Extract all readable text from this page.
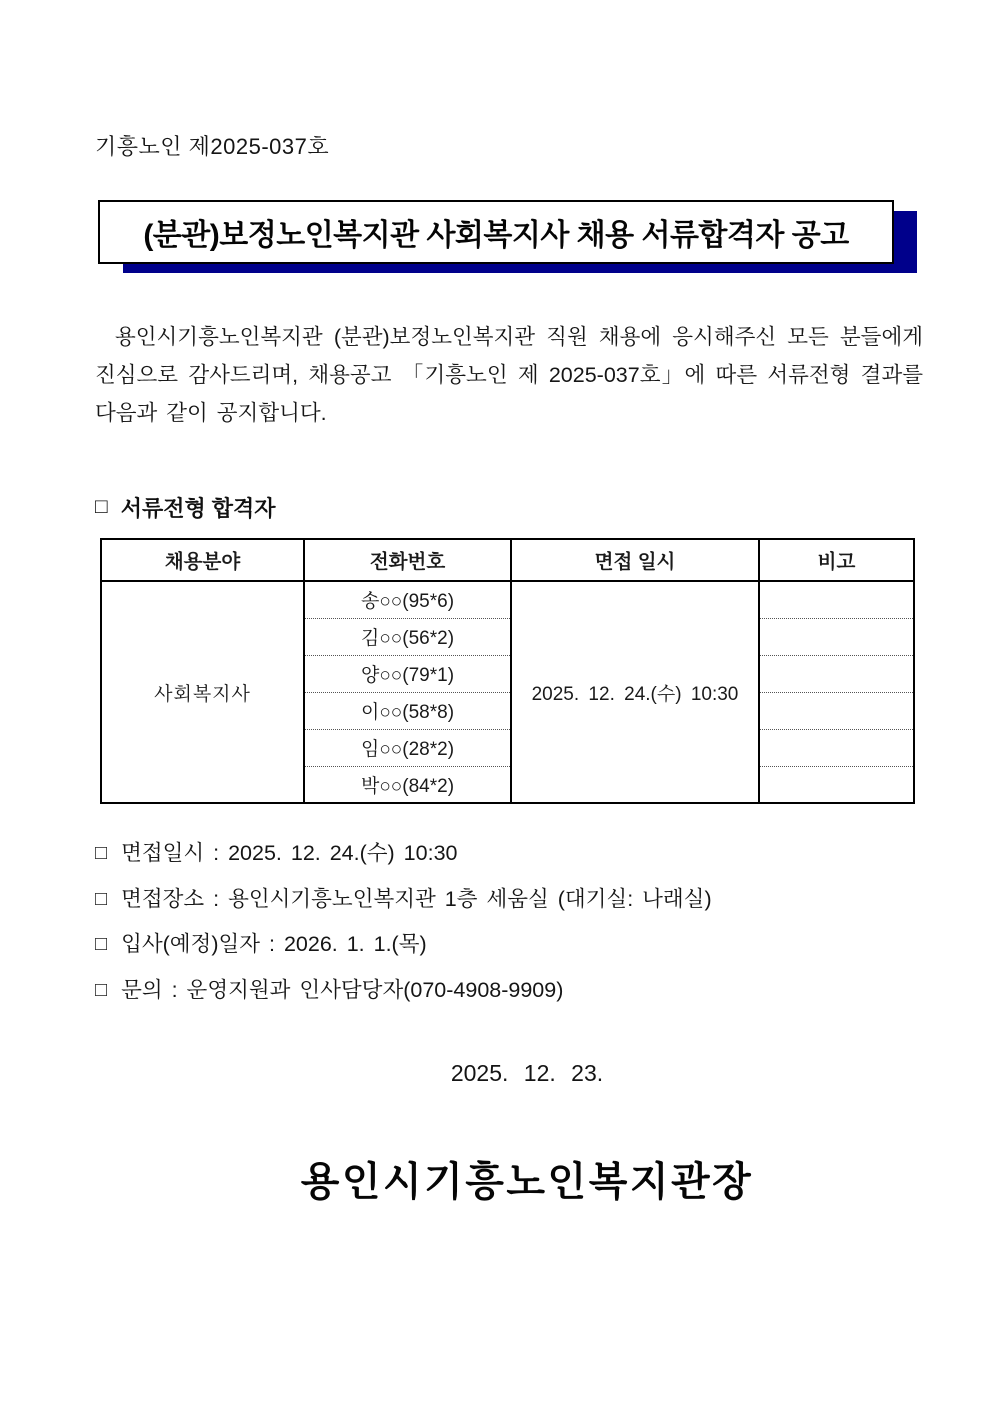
기흥노인 제2025-037호
(분관)보정노인복지관 사회복지사 채용 서류합격자 공고
용인시기흥노인복지관 (분관)보정노인복지관 직원 채용에 응시해주신 모든 분들에게 진심으로 감사드리며, 채용공고 「기흥노인 제 2025-037호」에 따른 서류전형 결과를 다음과 같이 공지합니다.
□ 서류전형 합격자
채용분야	전화번호	면접 일시	비고
사회복지사	송○○(95*6)	2025. 12. 24.(수) 10:30	
	김○○(56*2)		
	양○○(79*1)		
	이○○(58*8)		
	임○○(28*2)		
	박○○(84*2)		
□ 면접일시 : 2025. 12. 24.(수) 10:30
□ 면접장소 : 용인시기흥노인복지관 1층 세움실 (대기실: 나래실)
□ 입사(예정)일자 : 2026. 1. 1.(목)
□ 문의 : 운영지원과 인사담당자(070-4908-9909)
2025. 12. 23.
용인시기흥노인복지관장
